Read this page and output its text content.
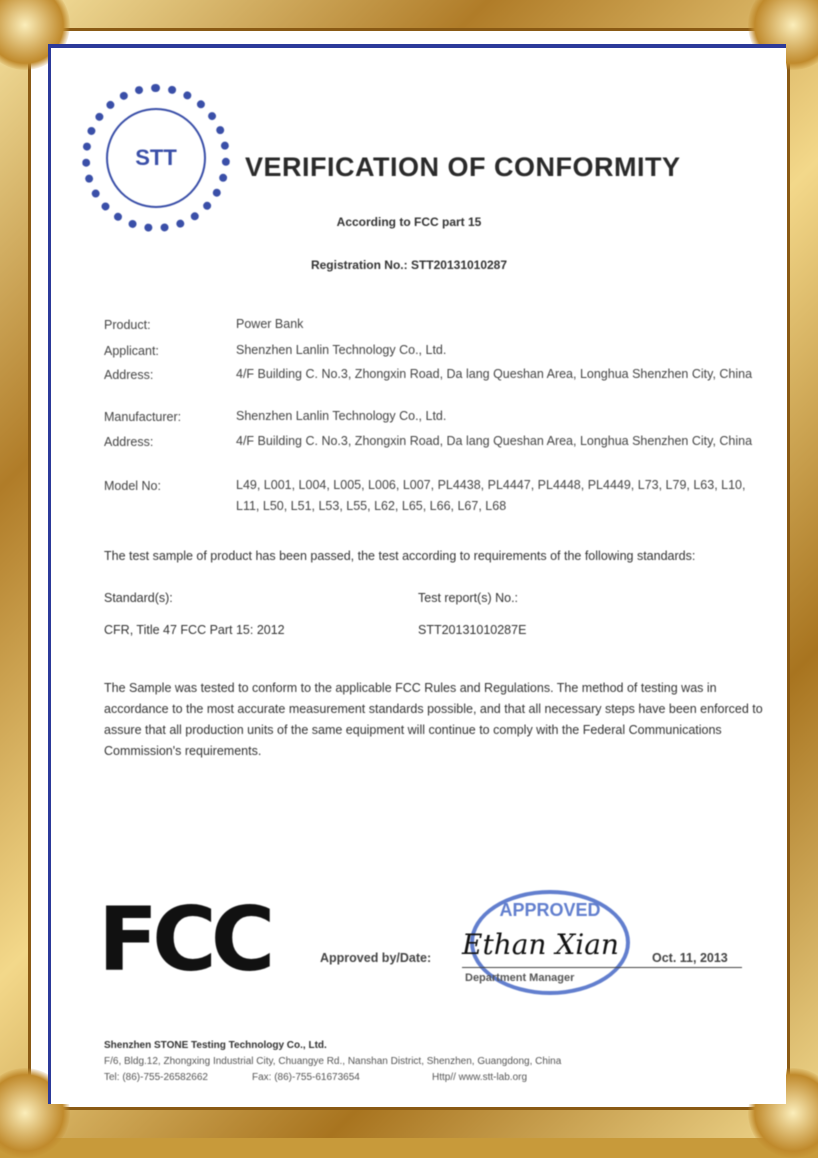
STT	VERIFICATION OF CONFORMITY
According to FCC part 15
Registration No.: STT20131010287
Product:	Power Bank
Applicant:	Shenzhen Lanlin Technology Co., Ltd.
Address:	4/F Building C. No.3, Zhongxin Road, Da lang Queshan Area, Longhua Shenzhen City, China
Manufacturer:	Shenzhen Lanlin Technology Co., Ltd.
Address:	4/F Building C. No.3, Zhongxin Road, Da lang Queshan Area, Longhua Shenzhen City, China
Model No:	L49, L001, L004, L005, L006, L007, PL4438, PL4447, PL4448, PL4449, L73, L79, L63, L10, L11, L50, L51, L53, L55, L62, L65, L66, L67, L68
The test sample of product has been passed, the test according to requirements of the following standards:
Standard(s):	Test report(s) No.:
CFR, Title 47 FCC Part 15: 2012	STT20131010287E
The Sample was tested to conform to the applicable FCC Rules and Regulations. The method of testing was in accordance to the most accurate measurement standards possible, and that all necessary steps have been enforced to assure that all production units of the same equipment will continue to comply with the Federal Communications Commission's requirements.
FCC	Approved by/Date:
APPROVED
Ethan Xian	Oct. 11, 2013
Department Manager
Shenzhen STONE Testing Technology Co., Ltd.
F/6, Bldg.12, Zhongxing Industrial City, Chuangye Rd., Nanshan District, Shenzhen, Guangdong, China
Tel: (86)-755-26582662	Fax: (86)-755-61673654	Http// www.stt-lab.org
